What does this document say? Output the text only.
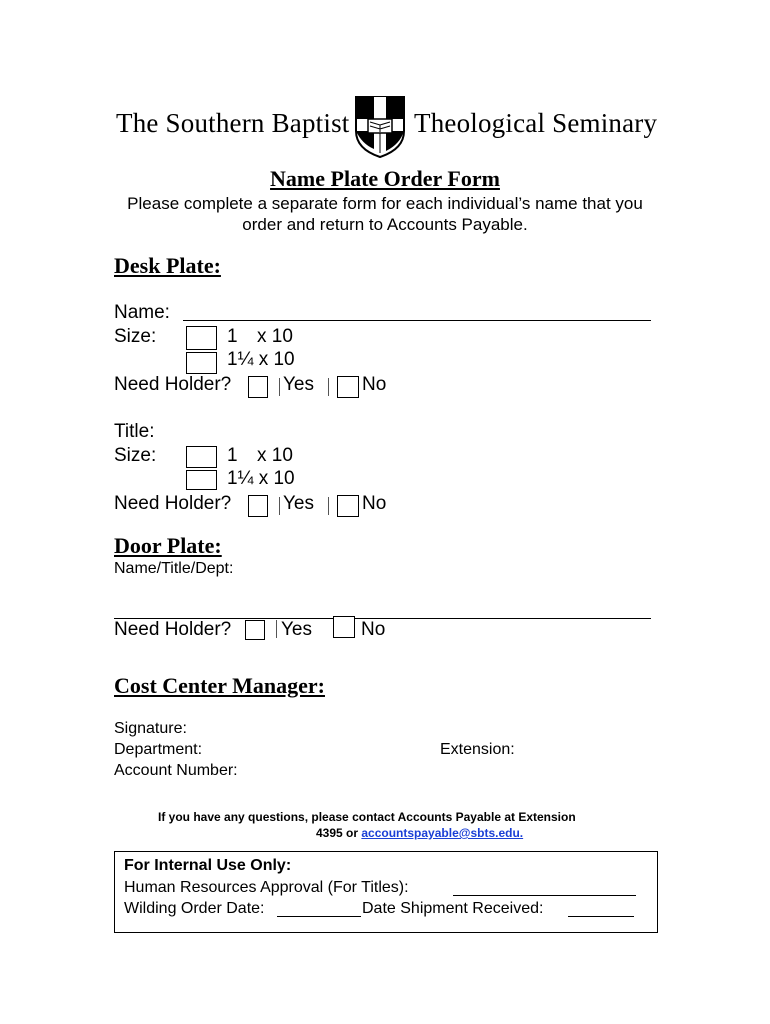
The Southern Baptist Theological Seminary
Name Plate Order Form
Please complete a separate form for each individual’s name that you
order and return to Accounts Payable.
Desk Plate:
Name:
Size:	1 x 10
1¼ x 10
Need Holder?	Yes	No
Title:
Size:	1 x 10
1¼ x 10
Need Holder?	Yes	No
Door Plate:
Name/Title/Dept:
Need Holder?	Yes	No
Cost Center Manager:
Signature:
Department:	Extension:
Account Number:
If you have any questions, please contact Accounts Payable at Extension
4395 or accountspayable@sbts.edu.
For Internal Use Only:
Human Resources Approval (For Titles):
Wilding Order Date:	Date Shipment Received:
